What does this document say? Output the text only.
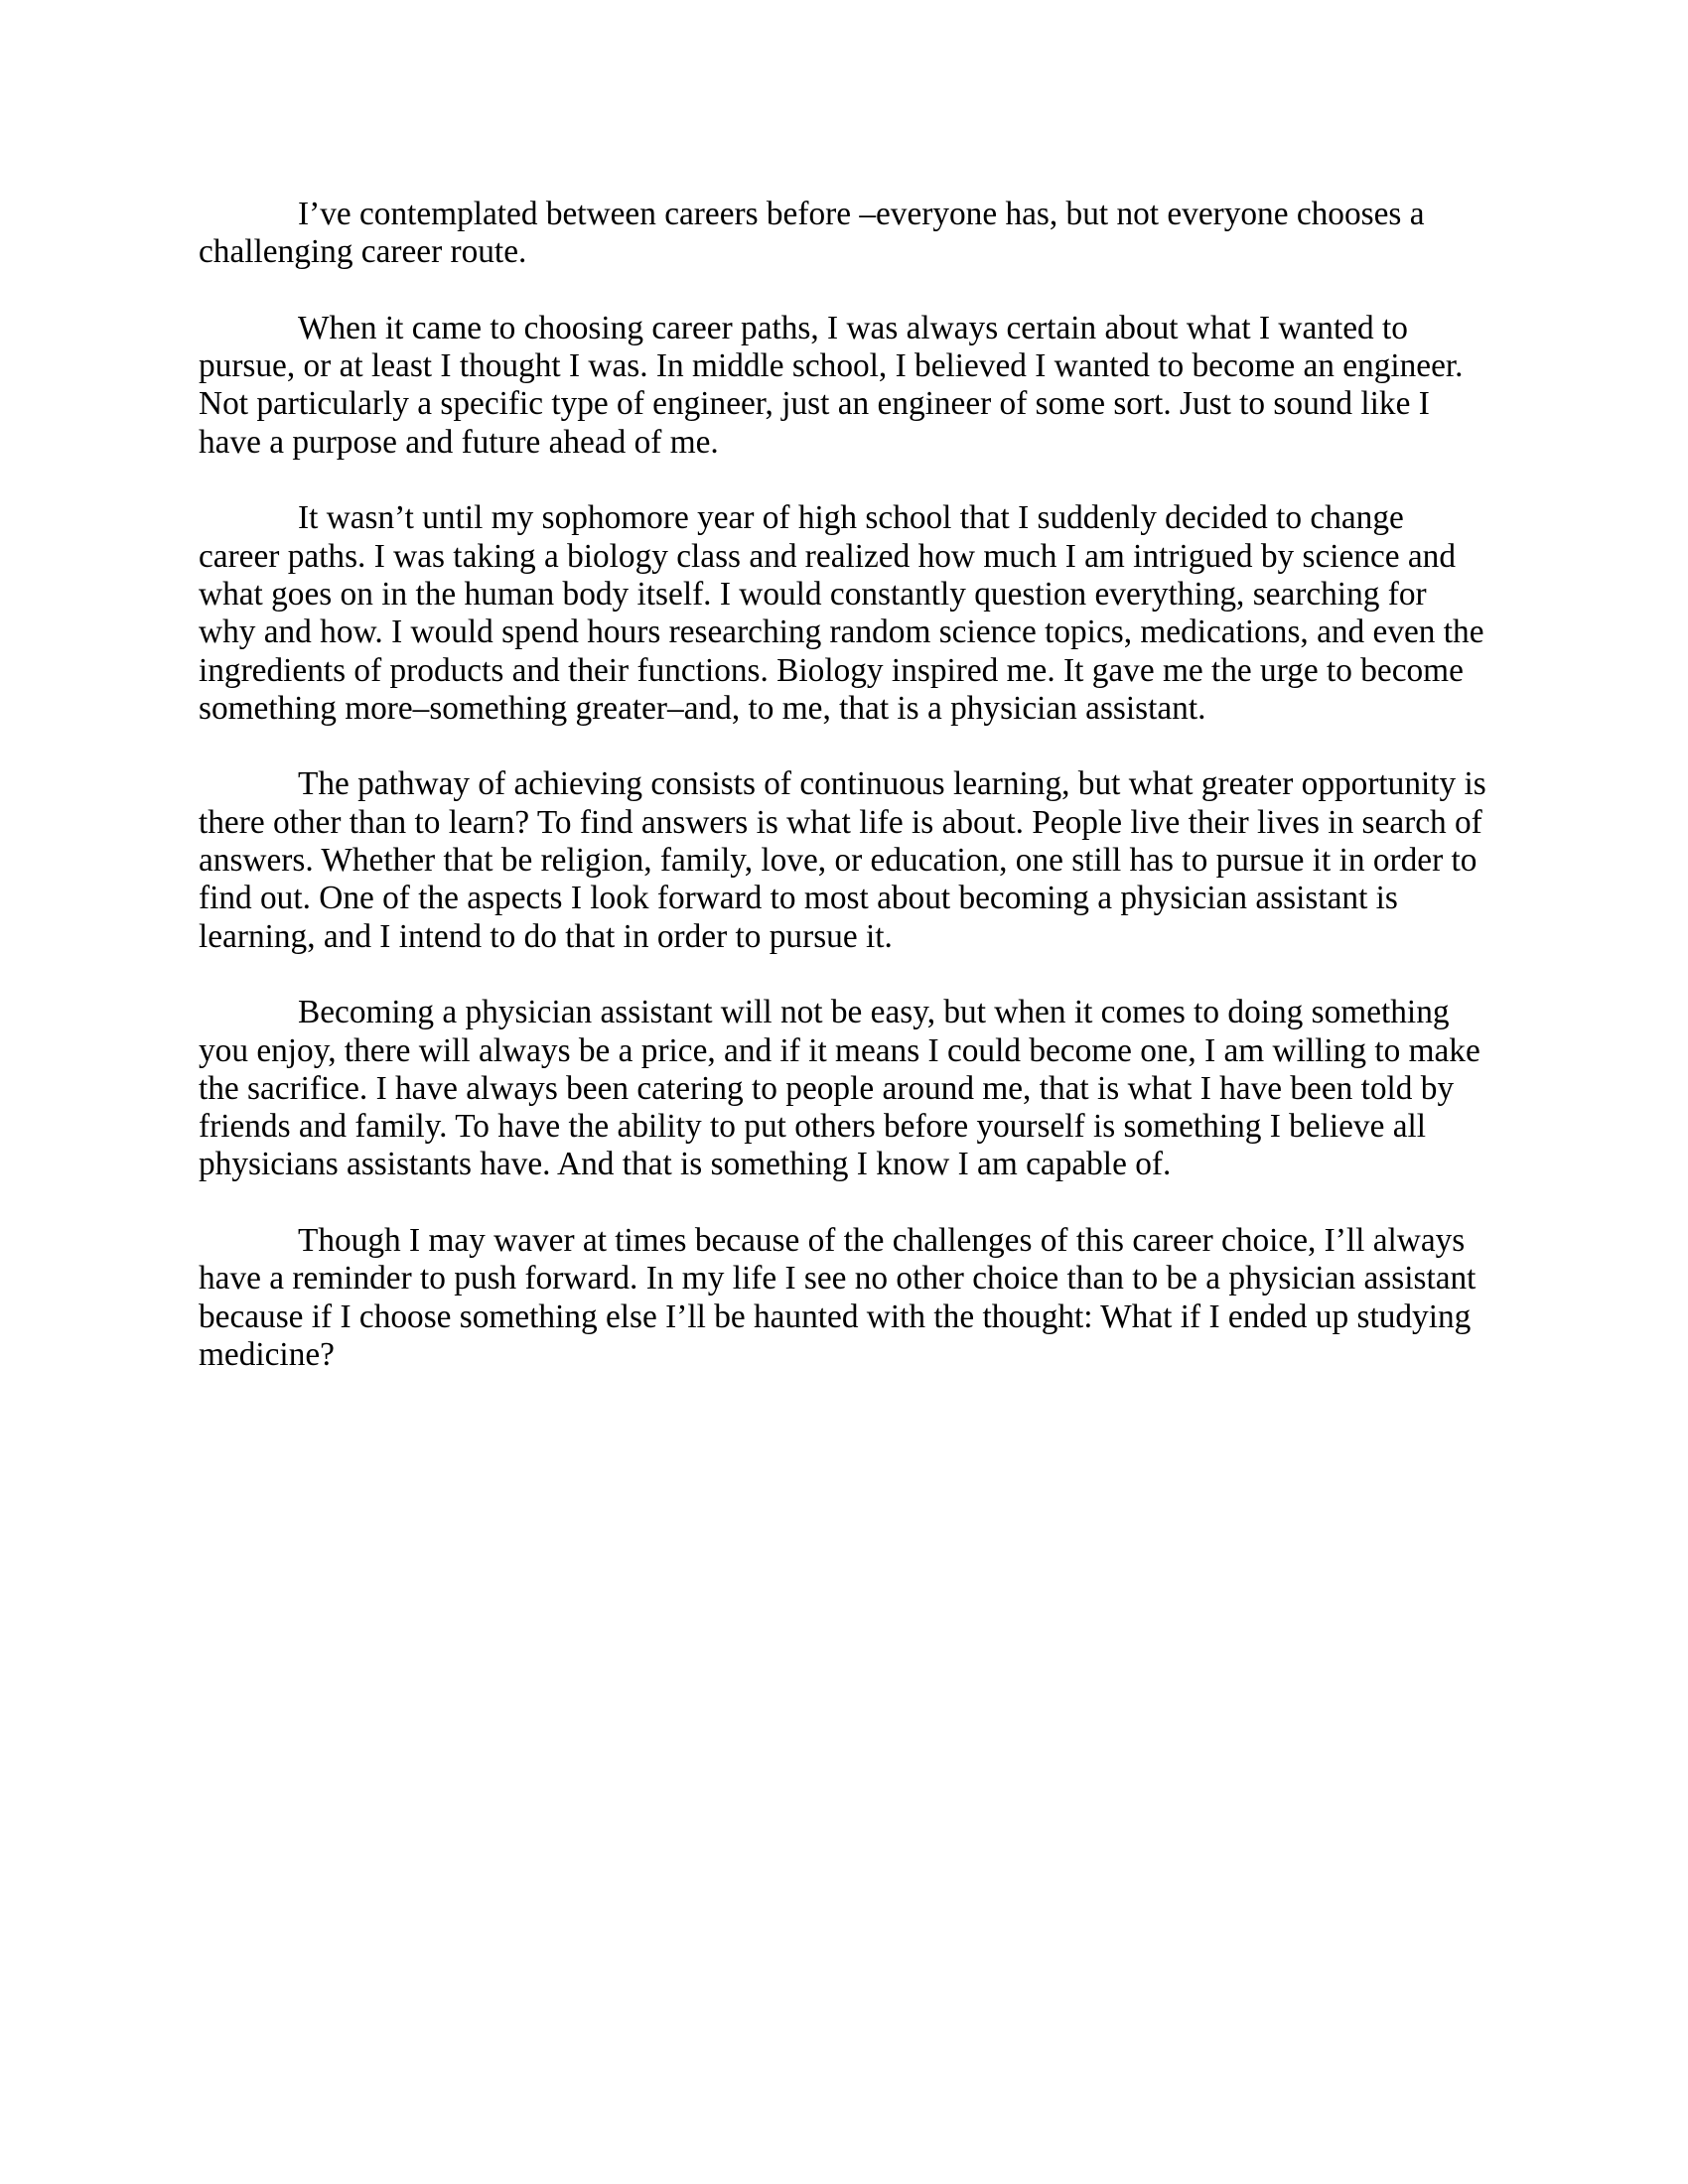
I’ve contemplated between careers before –everyone has, but not everyone chooses a challenging career route.

When it came to choosing career paths, I was always certain about what I wanted to pursue, or at least I thought I was. In middle school, I believed I wanted to become an engineer. Not particularly a specific type of engineer, just an engineer of some sort. Just to sound like I have a purpose and future ahead of me.

It wasn’t until my sophomore year of high school that I suddenly decided to change career paths. I was taking a biology class and realized how much I am intrigued by science and what goes on in the human body itself. I would constantly question everything, searching for why and how. I would spend hours researching random science topics, medications, and even the ingredients of products and their functions. Biology inspired me. It gave me the urge to become something more–something greater–and, to me, that is a physician assistant.

The pathway of achieving consists of continuous learning, but what greater opportunity is there other than to learn? To find answers is what life is about. People live their lives in search of answers. Whether that be religion, family, love, or education, one still has to pursue it in order to find out. One of the aspects I look forward to most about becoming a physician assistant is learning, and I intend to do that in order to pursue it.

Becoming a physician assistant will not be easy, but when it comes to doing something you enjoy, there will always be a price, and if it means I could become one, I am willing to make the sacrifice. I have always been catering to people around me, that is what I have been told by friends and family. To have the ability to put others before yourself is something I believe all physicians assistants have. And that is something I know I am capable of.

Though I may waver at times because of the challenges of this career choice, I’ll always have a reminder to push forward. In my life I see no other choice than to be a physician assistant because if I choose something else I’ll be haunted with the thought: What if I ended up studying medicine?
